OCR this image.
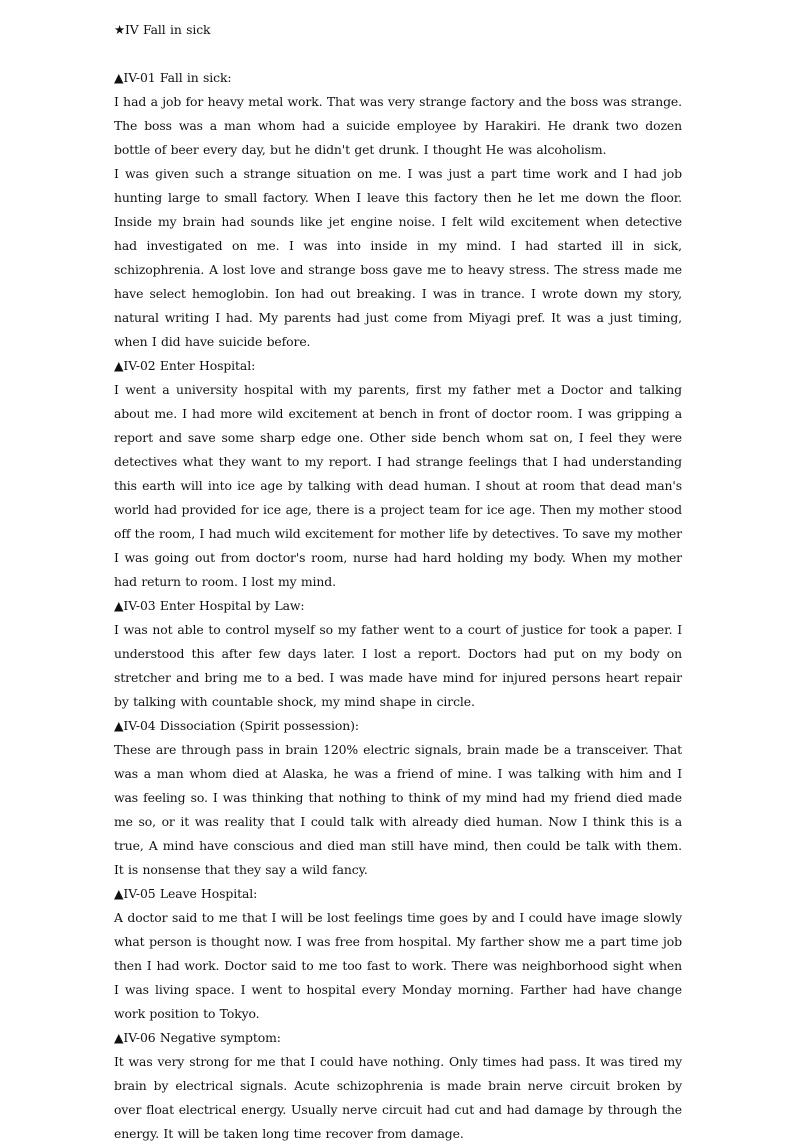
★IV Fall in sick
▲IV-01 Fall in sick:

I had a job for heavy metal work. That was very strange factory and the boss was strange. The boss was a man whom had a suicide employee by Harakiri. He drank two dozen bottle of beer every day, but he didn't get drunk. I thought He was alcoholism.

I was given such a strange situation on me. I was just a part time work and I had job hunting large to small factory. When I leave this factory then he let me down the floor. Inside my brain had sounds like jet engine noise. I felt wild excitement when detective had investigated on me. I was into inside in my mind. I had started ill in sick, schizophrenia. A lost love and strange boss gave me to heavy stress. The stress made me have select hemoglobin. Ion had out breaking. I was in trance. I wrote down my story, natural writing I had. My parents had just come from Miyagi pref. It was a just timing, when I did have suicide before.

▲IV-02 Enter Hospital:

I went a university hospital with my parents, first my father met a Doctor and talking about me. I had more wild excitement at bench in front of doctor room. I was gripping a report and save some sharp edge one. Other side bench whom sat on, I feel they were detectives what they want to my report. I had strange feelings that I had understanding this earth will into ice age by talking with dead human. I shout at room that dead man's world had provided for ice age, there is a project team for ice age. Then my mother stood off the room, I had much wild excitement for mother life by detectives. To save my mother I was going out from doctor's room, nurse had hard holding my body. When my mother had return to room. I lost my mind.

▲IV-03 Enter Hospital by Law:

I was not able to control myself so my father went to a court of justice for took a paper. I understood this after few days later. I lost a report. Doctors had put on my body on stretcher and bring me to a bed. I was made have mind for injured persons heart repair by talking with countable shock, my mind shape in circle.

▲IV-04 Dissociation (Spirit possession):

These are through pass in brain 120% electric signals, brain made be a transceiver. That was a man whom died at Alaska, he was a friend of mine. I was talking with him and I was feeling so. I was thinking that nothing to think of my mind had my friend died made me so, or it was reality that I could talk with already died human. Now I think this is a true, A mind have conscious and died man still have mind, then could be talk with them. It is nonsense that they say a wild fancy.

▲IV-05 Leave Hospital:

A doctor said to me that I will be lost feelings time goes by and I could have image slowly what person is thought now. I was free from hospital. My farther show me a part time job then I had work. Doctor said to me too fast to work. There was neighborhood sight when I was living space. I went to hospital every Monday morning. Farther had have change work position to Tokyo.

▲IV-06 Negative symptom:

It was very strong for me that I could have nothing. Only times had pass. It was tired my brain by electrical signals. Acute schizophrenia is made brain nerve circuit broken by over float electrical energy. Usually nerve circuit had cut and had damage by through the energy. It will be taken long time recover from damage.
